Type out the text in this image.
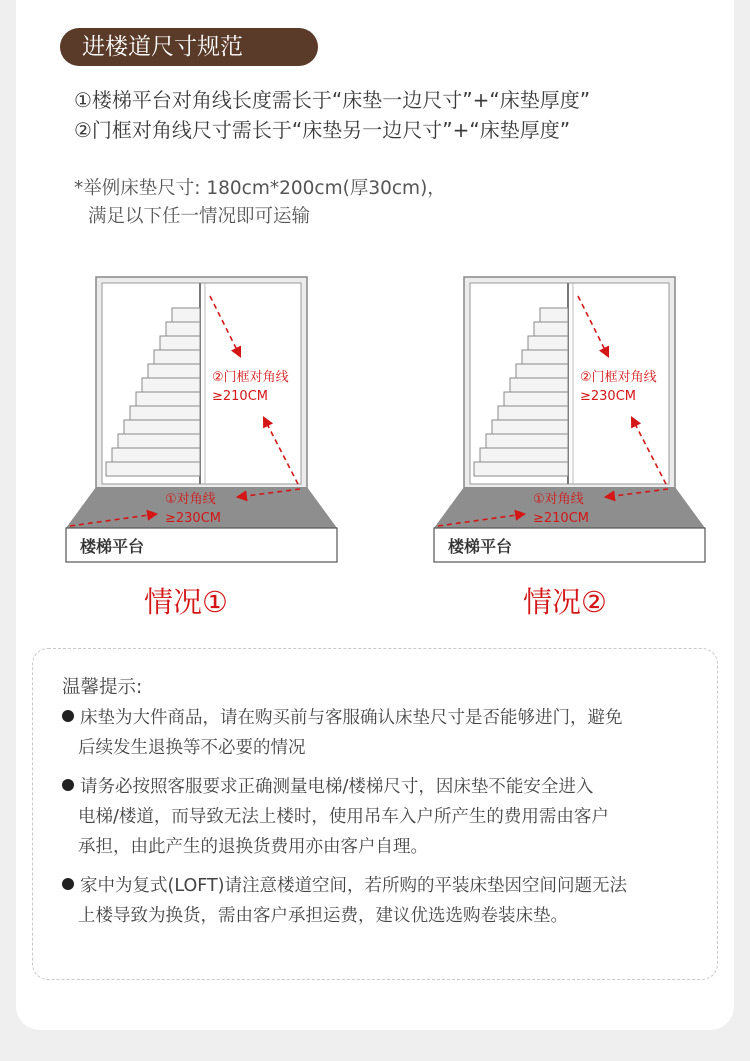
进楼道尺寸规范
①楼梯平台对角线长度需长于“床垫一边尺寸”+“床垫厚度”
②门框对角线尺寸需长于“床垫另一边尺寸”+“床垫厚度”
*举例床垫尺寸: 180cm*200cm(厚30cm)，
满足以下任一情况即可运输
②门框对角线
≥210CM
①对角线
≥230CM
楼梯平台
②门框对角线
≥230CM
①对角线
≥210CM
楼梯平台
情况①	情况②
温馨提示:
床垫为大件商品，请在购买前与客服确认床垫尺寸是否能够进门，避免
后续发生退换等不必要的情况
请务必按照客服要求正确测量电梯/楼梯尺寸，因床垫不能安全进入
电梯/楼道，而导致无法上楼时，使用吊车入户所产生的费用需由客户
承担，由此产生的退换货费用亦由客户自理。
家中为复式(LOFT)请注意楼道空间，若所购的平装床垫因空间问题无法
上楼导致为换货，需由客户承担运费，建议优选选购卷装床垫。
